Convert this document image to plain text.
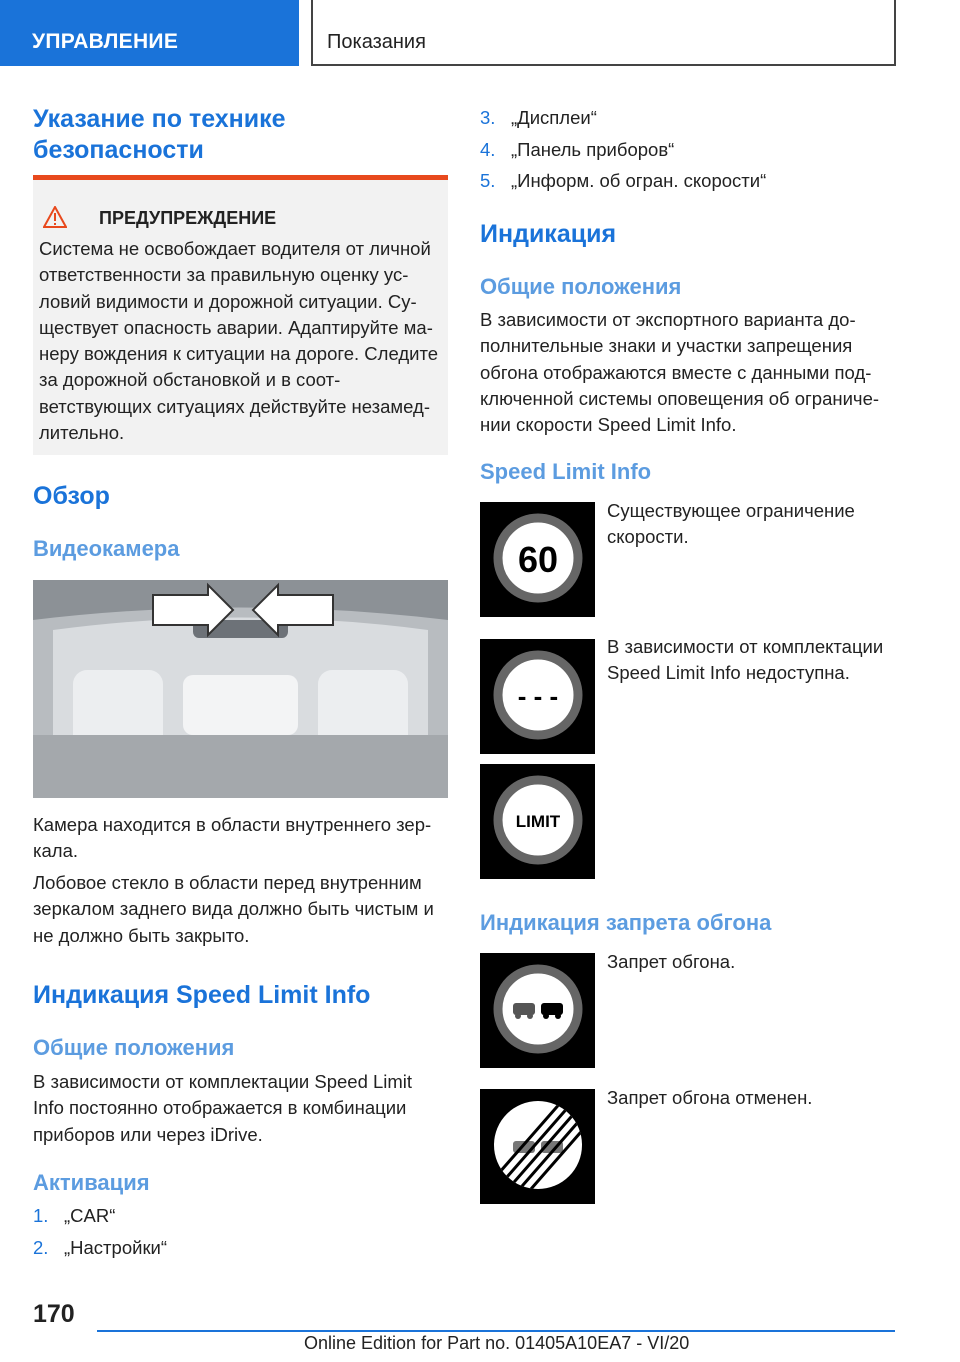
УПРАВЛЕНИЕ	Показания
Указание по технике безопасности
ПРЕДУПРЕЖДЕНИЕ
Система не освобождает водителя от личной ответственности за правильную оценку условий видимости и дорожной ситуации. Существует опасность аварии. Адаптируйте манеру вождения к ситуации на дороге. Следите за дорожной обстановкой и в соответствующих ситуациях действуйте незамедлительно.
Обзор
Видеокамера
Камера находится в области внутреннего зеркала.
Лобовое стекло в области перед внутренним зеркалом заднего вида должно быть чистым и не должно быть закрыто.
Индикация Speed Limit Info
Общие положения
В зависимости от комплектации Speed Limit Info постоянно отображается в комбинации приборов или через iDrive.
Активация
1. „CAR“
2. „Настройки“
3. „Дисплеи“
4. „Панель приборов“
5. „Информ. об огран. скорости“
Индикация
Общие положения
В зависимости от экспортного варианта дополнительные знаки и участки запрещения обгона отображаются вместе с данными подключенной системы оповещения об ограничении скорости Speed Limit Info.
Speed Limit Info
60
Существующее ограничение скорости.
- - -
В зависимости от комплектации Speed Limit Info недоступна.
LIMIT
Индикация запрета обгона
Запрет обгона.
Запрет обгона отменен.
170
Online Edition for Part no. 01405A10EA7 - VI/20
